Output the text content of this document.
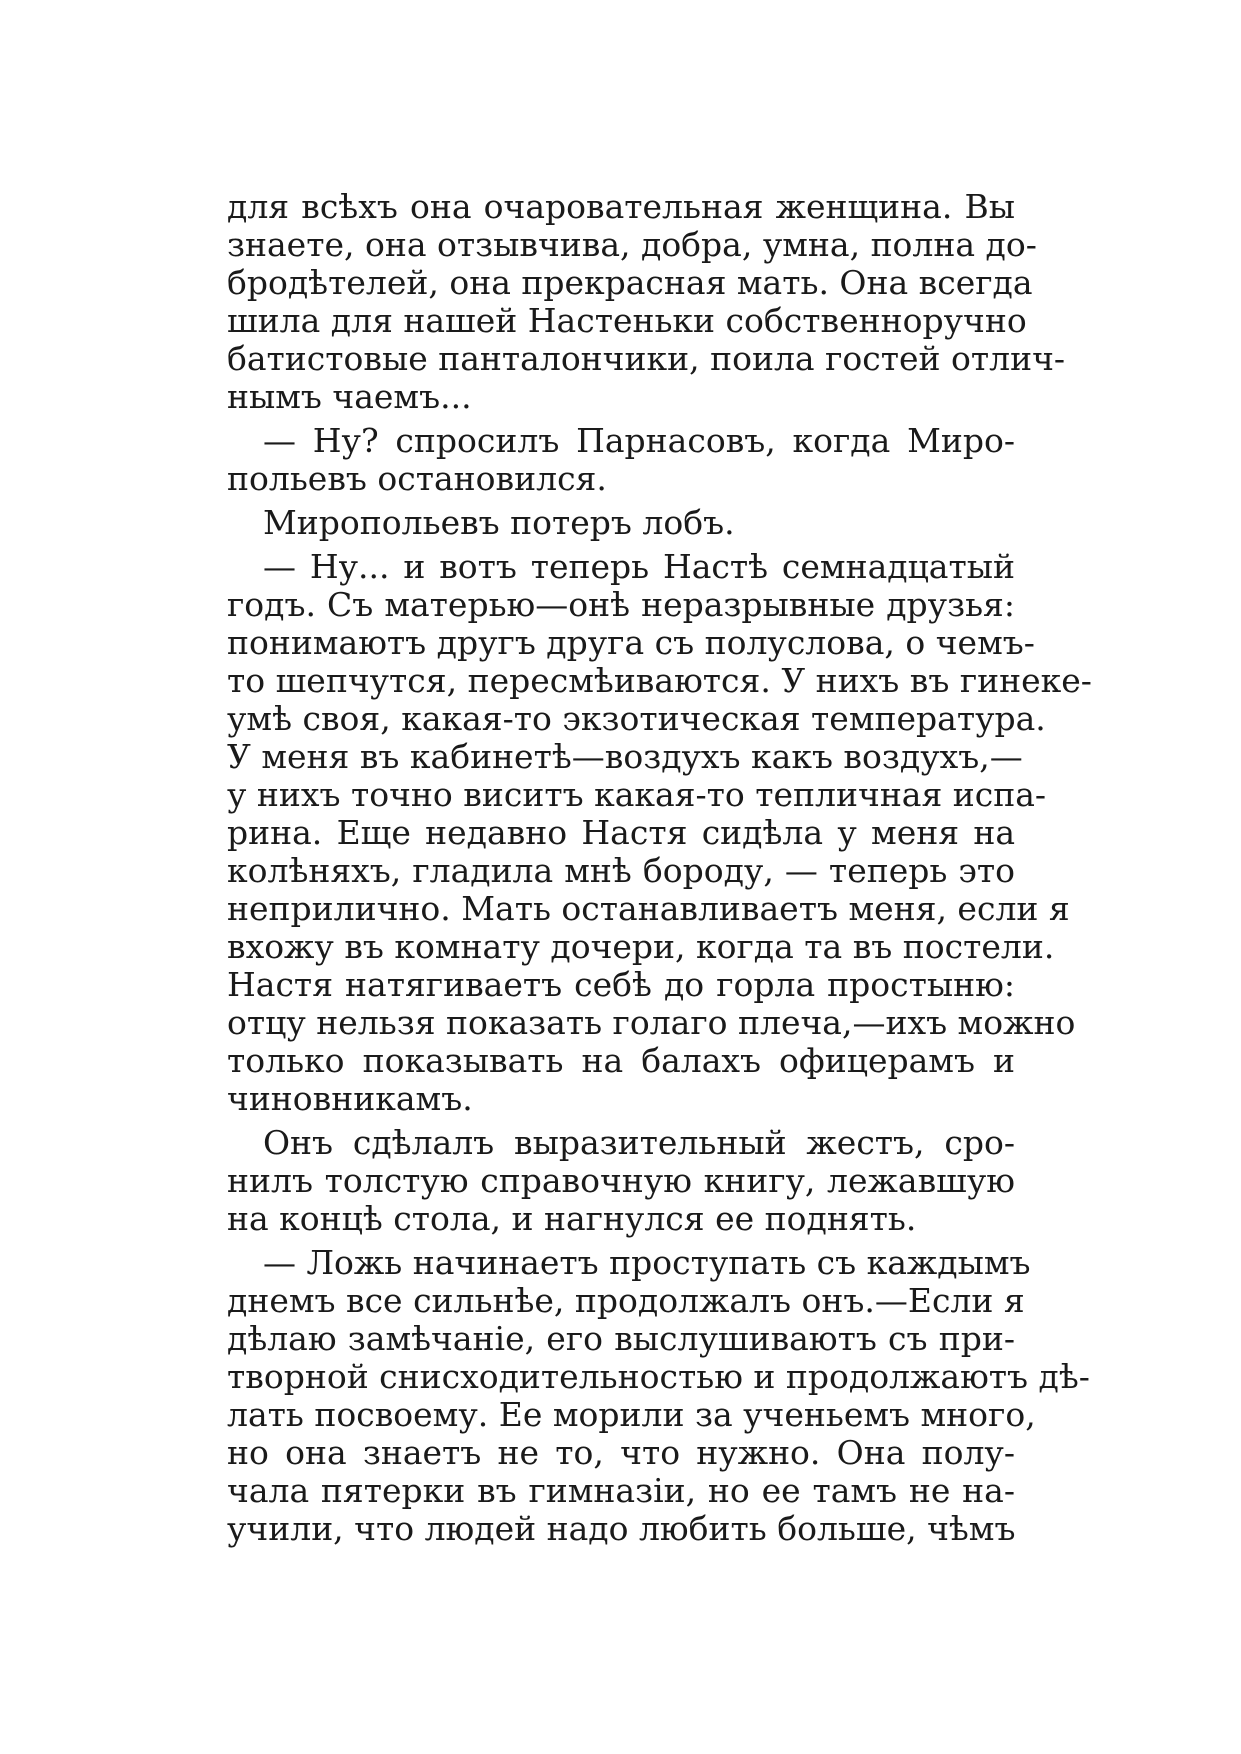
для всѣхъ она очаровательная женщина. Вы
знаете, она отзывчива, добра, умна, полна до-
бродѣтелей, она прекрасная мать. Она всегда
шила для нашей Настеньки собственноручно
батистовые панталончики, поила гостей отлич-
нымъ чаемъ...
— Ну? спросилъ Парнасовъ, когда Миро-
польевъ остановился.
Миропольевъ потеръ лобъ.
— Ну... и вотъ теперь Настѣ семнадцатый
годъ. Съ матерью—онѣ неразрывные друзья:
понимаютъ другъ друга съ полуслова, о чемъ-
то шепчутся, пересмѣиваются. У нихъ въ гинеке-
умѣ своя, какая-то экзотическая температура.
У меня въ кабинетѣ—воздухъ какъ воздухъ,—
у нихъ точно виситъ какая-то тепличная испа-
рина. Еще недавно Настя сидѣла у меня на
колѣняхъ, гладила мнѣ бороду, — теперь это
неприлично. Мать останавливаетъ меня, если я
вхожу въ комнату дочери, когда та въ постели.
Настя натягиваетъ себѣ до горла простыню:
отцу нельзя показать голаго плеча,—ихъ можно
только показывать на балахъ офицерамъ и
чиновникамъ.
Онъ сдѣлалъ выразительный жестъ, сро-
нилъ толстую справочную книгу, лежавшую
на концѣ стола, и нагнулся ее поднять.
— Ложь начинаетъ проступать съ каждымъ
днемъ все сильнѣе, продолжалъ онъ.—Если я
дѣлаю замѣчаніе, его выслушиваютъ съ при-
творной снисходительностью и продолжаютъ дѣ-
лать посвоему. Ее морили за ученьемъ много,
но она знаетъ не то, что нужно. Она полу-
чала пятерки въ гимназіи, но ее тамъ не на-
учили, что людей надо любить больше, чѣмъ
